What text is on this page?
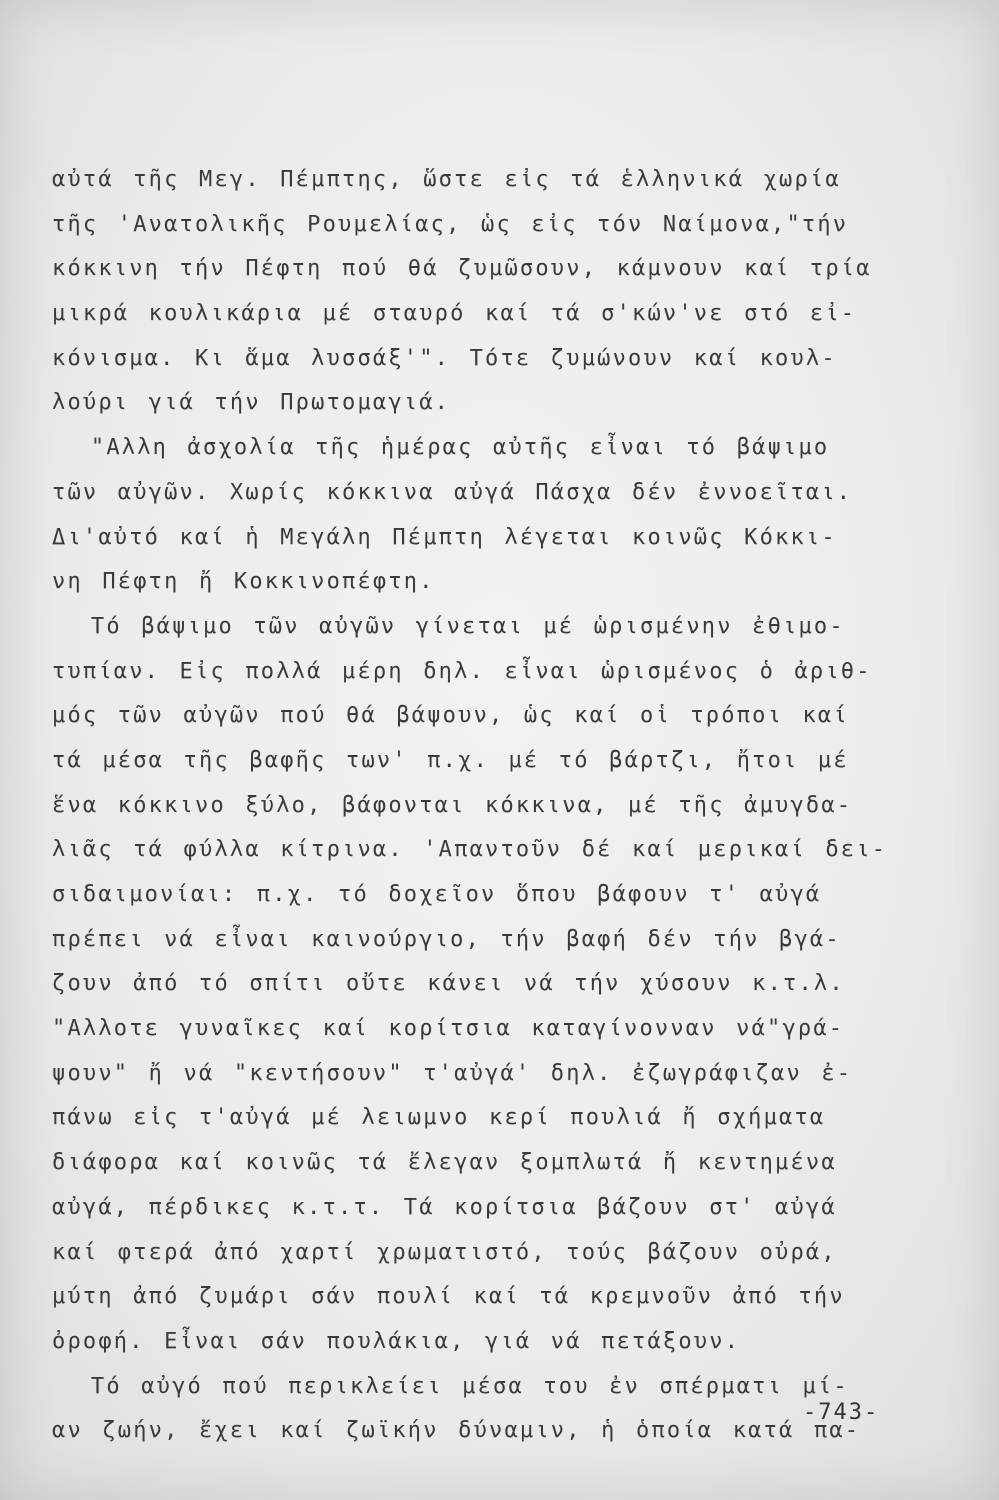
αὐτά τῆς Μεγ. Πέμπτης, ὥστε εἰς τά ἑλληνικά χωρία
τῆς 'Ανατολικῆς Ρουμελίας, ὡς εἰς τόν Ναίμονα,"τήν
κόκκινη τήν Πέφτη πού θά ζυμῶσουν, κάμνουν καί τρία
μικρά κουλικάρια μέ σταυρό καί τά σ'κών'νε στό εἰ-
κόνισμα. Κι ἅμα λυσσάξ'". Τότε ζυμώνουν καί κουλ-
λούρι γιά τήν Πρωτομαγιά.
"Αλλη ἀσχολία τῆς ἡμέρας αὐτῆς εἶναι τό βάψιμο
τῶν αὐγῶν. Χωρίς κόκκινα αὐγά Πάσχα δέν ἐννοεῖται.
Δι'αὐτό καί ἡ Μεγάλη Πέμπτη λέγεται κοινῶς Κόκκι-
νη Πέφτη ἤ Κοκκινοπέφτη.
Τό βάψιμο τῶν αὐγῶν γίνεται μέ ὡρισμένην ἐθιμο-
τυπίαν. Εἰς πολλά μέρη δηλ. εἶναι ὡρισμένος ὁ ἀριθ-
μός τῶν αὐγῶν πού θά βάψουν, ὡς καί οἱ τρόποι καί
τά μέσα τῆς βαφῆς των' π.χ. μέ τό βάρτζι, ἤτοι μέ
ἕνα κόκκινο ξύλο, βάφονται κόκκινα, μέ τῆς ἀμυγδα-
λιᾶς τά φύλλα κίτρινα. 'Απαντοῦν δέ καί μερικαί δει-
σιδαιμονίαι: π.χ. τό δοχεῖον ὅπου βάφουν τ' αὐγά
πρέπει νά εἶναι καινούργιο, τήν βαφή δέν τήν βγά-
ζουν ἀπό τό σπίτι οὔτε κάνει νά τήν χύσουν κ.τ.λ.
"Αλλοτε γυναῖκες καί κορίτσια καταγίνονναν νά"γρά-
ψουν" ἤ νά "κεντήσουν" τ'αὐγά' δηλ. ἐζωγράφιζαν ἐ-
πάνω εἰς τ'αὐγά μέ λειωμνο κερί πουλιά ἤ σχήματα
διάφορα καί κοινῶς τά ἔλεγαν ξομπλωτά ἤ κεντημένα
αὐγά, πέρδικες κ.τ.τ. Τά κορίτσια βάζουν στ' αὐγά
καί φτερά ἀπό χαρτί χρωματιστό, τούς βάζουν οὐρά,
μύτη ἀπό ζυμάρι σάν πουλί καί τά κρεμνοῦν ἀπό τήν
ὀροφή. Εἶναι σάν πουλάκια, γιά νά πετάξουν.
Τό αὐγό πού περικλείει μέσα του ἐν σπέρματι μί-
αν ζωήν, ἔχει καί ζωϊκήν δύναμιν, ἡ ὁποία κατά πα-
-743-
